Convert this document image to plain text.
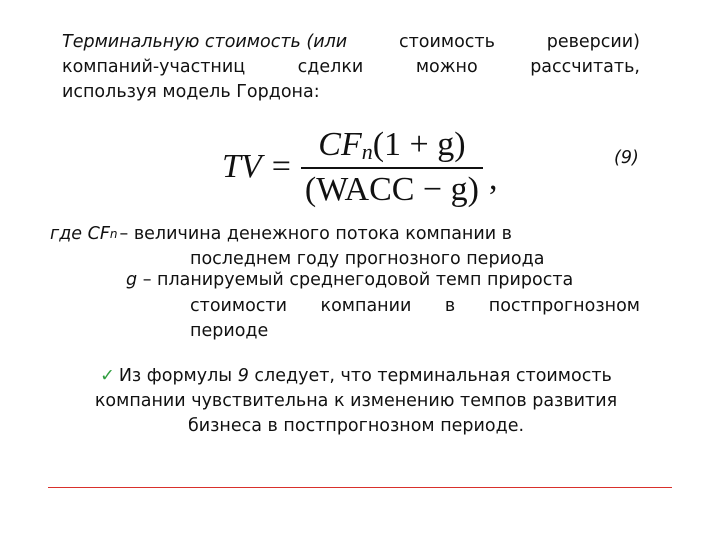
Терминальную стоимость (или	стоимость	реверсии)
компаний-участниц	сделки	можно	рассчитать,
используя модель Гордона:
TV = $\frac{CF_n(1 + g)}{\text{(WACC − g)}}$ ,
(9)
где CF n – величина денежного потока компании в
последнем году прогнозного периода
g – планируемый среднегодовой темп прироста
стоимости компании в постпрогнозном
периоде
✓ Из формулы 9 следует, что терминальная стоимость
компании чувствительна к изменению темпов развития
бизнеса в постпрогнозном периоде.
